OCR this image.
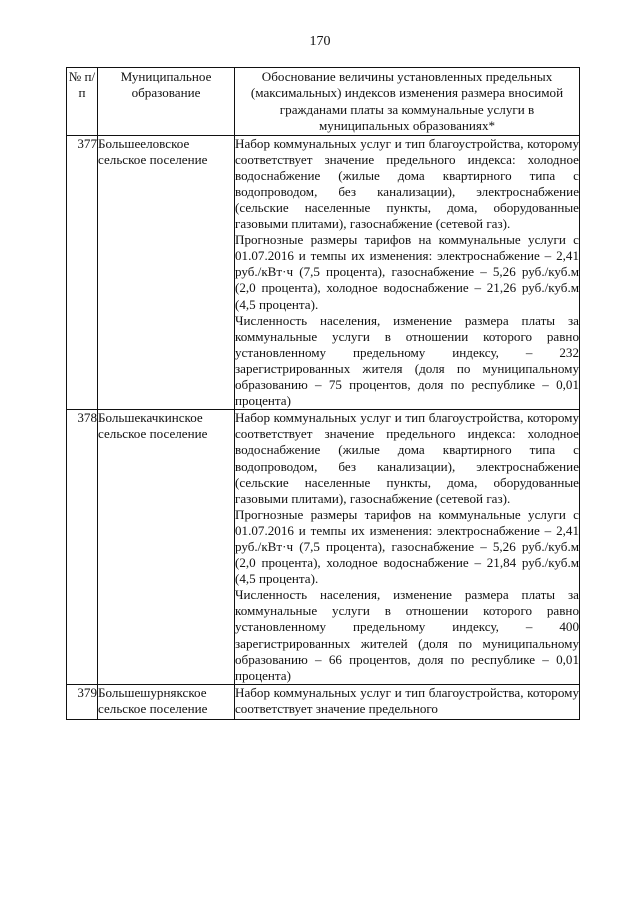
170
№ п/п	Муниципальное образование	Обоснование величины установленных предельных (максимальных) индексов изменения размера вносимой гражданами платы за коммунальные услуги в муниципальных образованиях*
377	Большееловское сельское поселение	Набор коммунальных услуг и тип благоустройства, которому соответствует значение предельного индекса: холодное водоснабжение (жилые дома квартирного типа с водопроводом, без канализации), электроснабжение (сельские населенные пункты, дома, оборудованные газовыми плитами), газоснабжение (сетевой газ).

Прогнозные размеры тарифов на коммунальные услуги с 01.07.2016 и темпы их изменения: электроснабжение – 2,41 руб./кВт·ч (7,5 процента), газоснабжение – 5,26 руб./куб.м (2,0 процента), холодное водоснабжение – 21,26 руб./куб.м (4,5 процента).

Численность населения, изменение размера платы за коммунальные услуги в отношении которого равно установленному предельному индексу, – 232 зарегистрированных жителя (доля по муниципальному образованию – 75 процентов, доля по республике – 0,01 процента)

378	Большекачкинское сельское поселение	Набор коммунальных услуг и тип благоустройства, которому соответствует значение предельного индекса: холодное водоснабжение (жилые дома квартирного типа с водопроводом, без канализации), электроснабжение (сельские населенные пункты, дома, оборудованные газовыми плитами), газоснабжение (сетевой газ).

Прогнозные размеры тарифов на коммунальные услуги с 01.07.2016 и темпы их изменения: электроснабжение – 2,41 руб./кВт·ч (7,5 процента), газоснабжение – 5,26 руб./куб.м (2,0 процента), холодное водоснабжение – 21,84 руб./куб.м (4,5 процента).

Численность населения, изменение размера платы за коммунальные услуги в отношении которого равно установленному предельному индексу, – 400 зарегистрированных жителей (доля по муниципальному образованию – 66 процентов, доля по республике – 0,01 процента)

379	Большешурнякское сельское поселение	Набор коммунальных услуг и тип благоустройства, которому соответствует значение предельного
